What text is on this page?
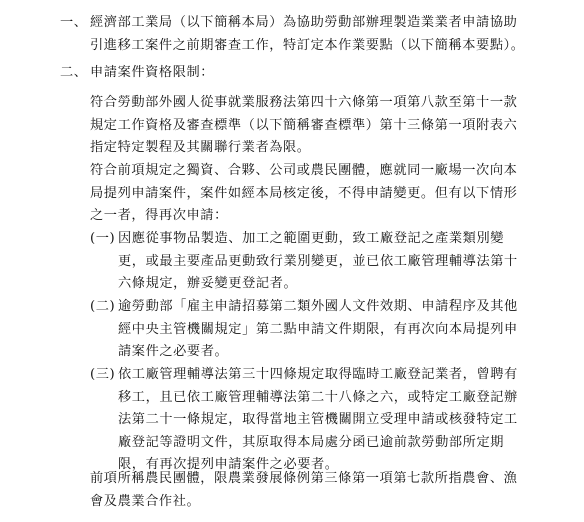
一、 經濟部工業局（以下簡稱本局）為協助勞動部辦理製造業業者申請協助引進移工案件之前期審查工作，特訂定本作業要點（以下簡稱本要點）。
二、 申請案件資格限制：
符合勞動部外國人從事就業服務法第四十六條第一項第八款至第十一款規定工作資格及審查標準（以下簡稱審查標準）第十三條第一項附表六指定特定製程及其關聯行業者為限。
符合前項規定之獨資、合夥、公司或農民團體，應就同一廠場一次向本局提列申請案件，案件如經本局核定後，不得申請變更。但有以下情形之一者，得再次申請：
(一) 因應從事物品製造、加工之範圍更動，致工廠登記之產業類別變更，或最主要產品更動致行業別變更，並已依工廠管理輔導法第十六條規定，辦妥變更登記者。
(二) 逾勞動部「雇主申請招募第二類外國人文件效期、申請程序及其他經中央主管機關規定」第二點申請文件期限，有再次向本局提列申請案件之必要者。
(三) 依工廠管理輔導法第三十四條規定取得臨時工廠登記業者，曾聘有移工，且已依工廠管理輔導法第二十八條之六，或特定工廠登記辦法第二十一條規定，取得當地主管機關開立受理申請或核發特定工廠登記等證明文件，其原取得本局處分函已逾前款勞動部所定期限，有再次提列申請案件之必要者。
前項所稱農民團體，限農業發展條例第三條第一項第七款所指農會、漁會及農業合作社。
